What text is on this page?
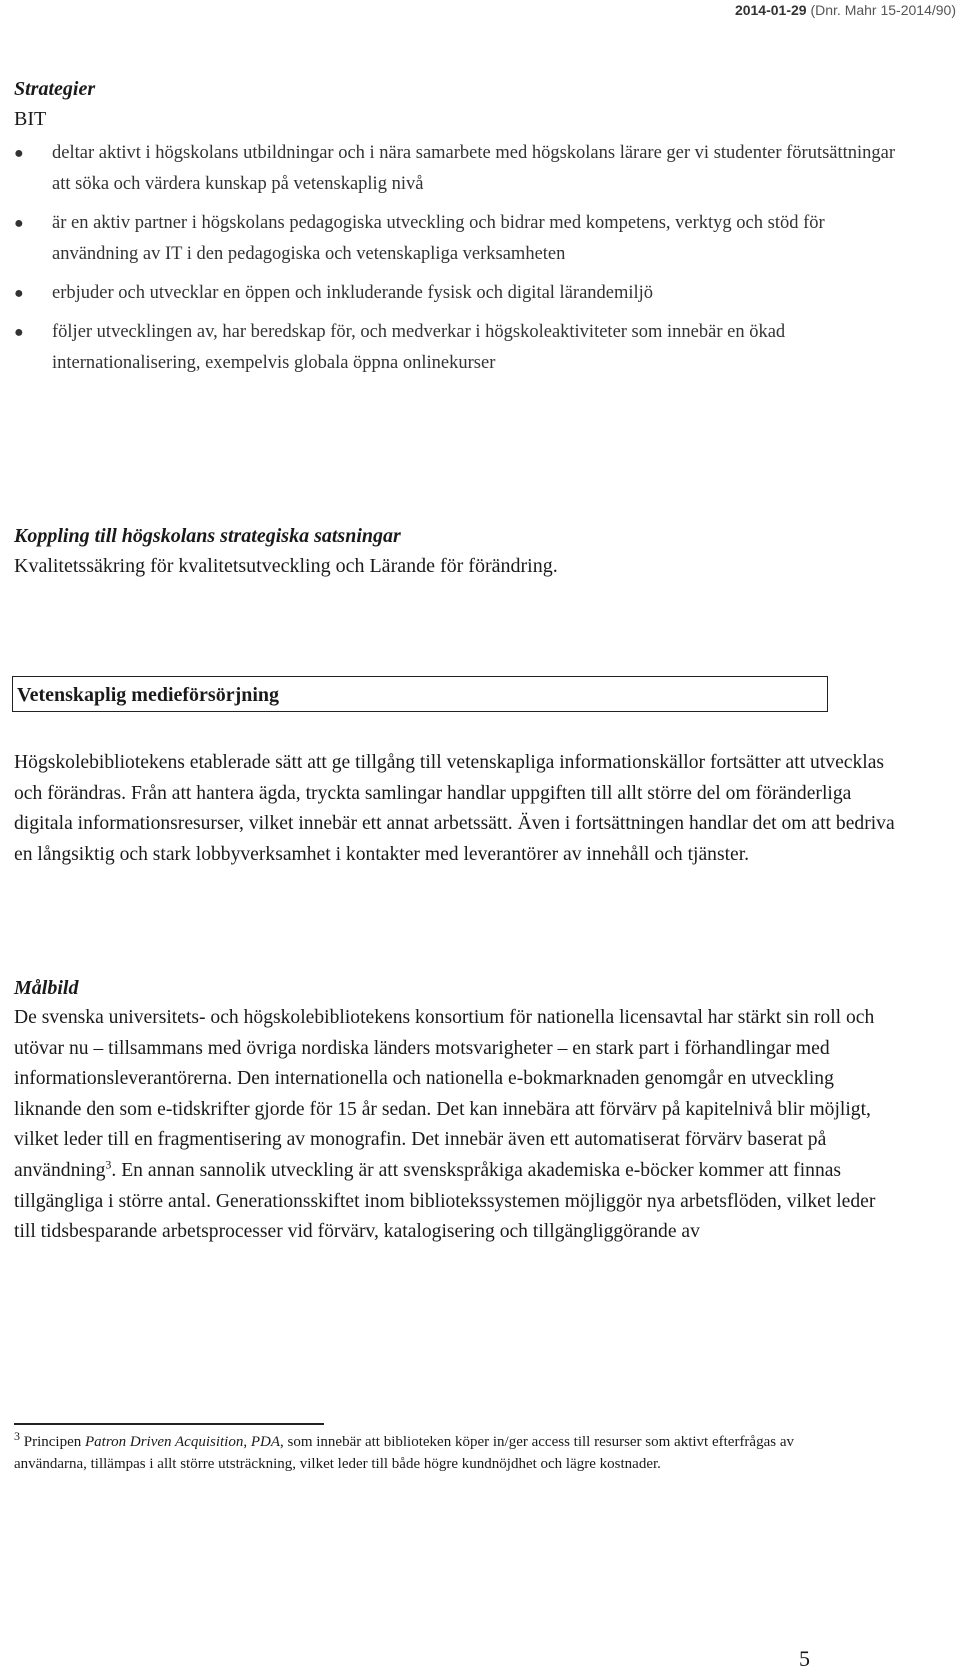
2014-01-29 (Dnr. Mahr 15-2014/90)

Strategier

BIT

● deltar aktivt i högskolans utbildningar och i nära samarbete med högskolans lärare ger vi studenter förutsättningar att söka och värdera kunskap på vetenskaplig nivå
● är en aktiv partner i högskolans pedagogiska utveckling och bidrar med kompetens, verktyg och stöd för användning av IT i den pedagogiska och vetenskapliga verksamheten
● erbjuder och utvecklar en öppen och inkluderande fysisk och digital lärandemiljö
● följer utvecklingen av, har beredskap för, och medverkar i högskoleaktiviteter som innebär en ökad internationalisering, exempelvis globala öppna onlinekurser

Koppling till högskolans strategiska satsningar

Kvalitetssäkring för kvalitetsutveckling och Lärande för förändring.

Vetenskaplig medieförsörjning

Högskolebibliotekens etablerade sätt att ge tillgång till vetenskapliga informationskällor fortsätter att utvecklas och förändras. Från att hantera ägda, tryckta samlingar handlar uppgiften till allt större del om föränderliga digitala informationsresurser, vilket innebär ett annat arbetssätt. Även i fortsättningen handlar det om att bedriva en långsiktig och stark lobbyverksamhet i kontakter med leverantörer av innehåll och tjänster.

Målbild

De svenska universitets- och högskolebibliotekens konsortium för nationella licensavtal har stärkt sin roll och utövar nu – tillsammans med övriga nordiska länders motsvarigheter – en stark part i förhandlingar med informationsleverantörerna. Den internationella och nationella e-bokmarknaden genomgår en utveckling liknande den som e-tidskrifter gjorde för 15 år sedan. Det kan innebära att förvärv på kapitelnivå blir möjligt, vilket leder till en fragmentisering av monografin. Det innebär även ett automatiserat förvärv baserat på användning$^3$. En annan sannolik utveckling är att svenskspråkiga akademiska e-böcker kommer att finnas tillgängliga i större antal. Generationsskiftet inom bibliotekssystemen möjliggör nya arbetsflöden, vilket leder till tidsbesparande arbetsprocesser vid förvärv, katalogisering och tillgängliggörande av

$^3$ Principen Patron Driven Acquisition, PDA, som innebär att biblioteken köper in/ger access till resurser som aktivt efterfrågas av användarna, tillämpas i allt större utsträckning, vilket leder till både högre kundnöjdhet och lägre kostnader.

5
